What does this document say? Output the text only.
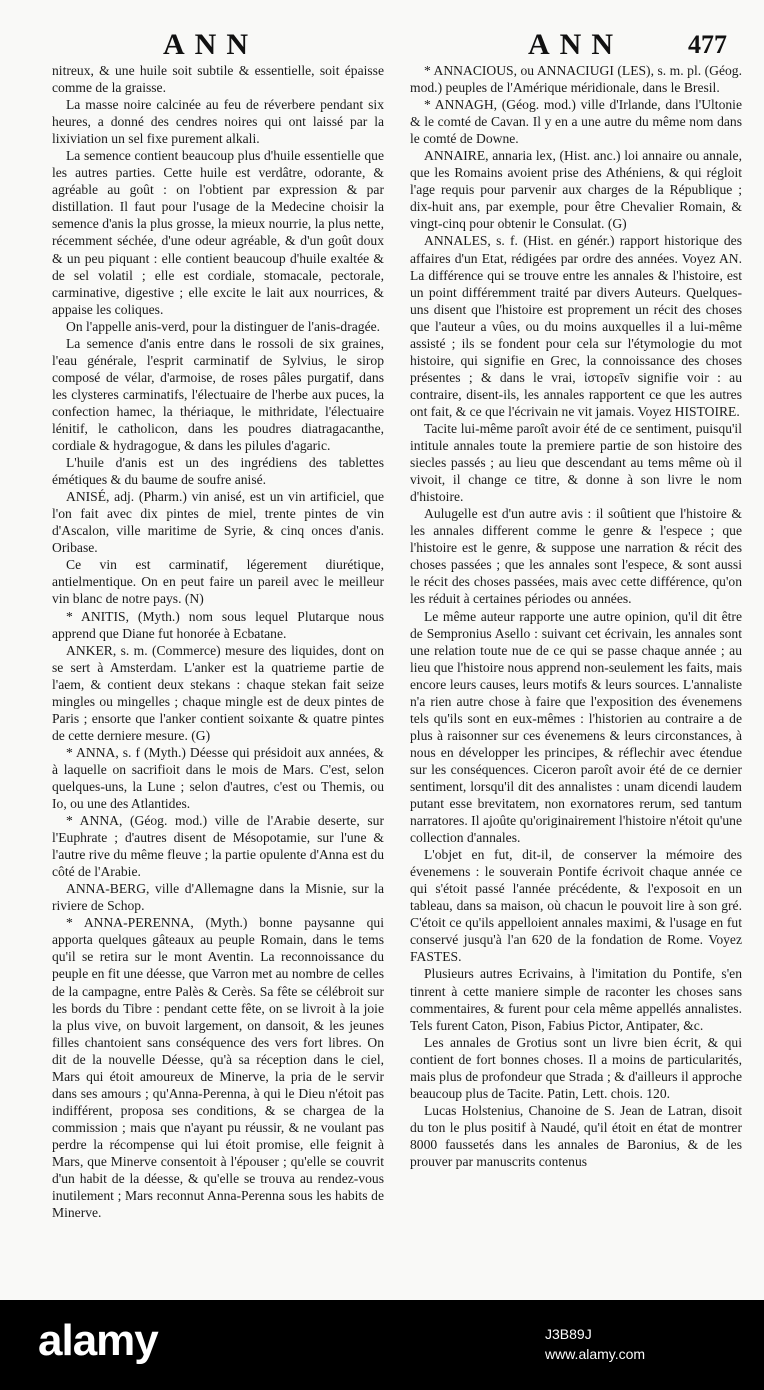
ANN	ANN	477

nitreux, & une huile soit subtile & essentielle, soit épaisse comme de la graisse.

La masse noire calcinée au feu de réverbere pendant six heures, a donné des cendres noires qui ont laissé par la lixiviation un sel fixe purement alkali.

La semence contient beaucoup plus d'huile essentielle que les autres parties. Cette huile est verdâtre, odorante, & agréable au goût : on l'obtient par expression & par distillation. Il faut pour l'usage de la Medecine choisir la semence d'anis la plus grosse, la mieux nourrie, la plus nette, récemment séchée, d'une odeur agréable, & d'un goût doux & un peu piquant : elle contient beaucoup d'huile exaltée & de sel volatil ; elle est cordiale, stomacale, pectorale, carminative, digestive ; elle excite le lait aux nourrices, & appaise les coliques.

On l'appelle anis-verd, pour la distinguer de l'anis-dragée.

La semence d'anis entre dans le rossoli de six graines, l'eau générale, l'esprit carminatif de Sylvius, le sirop composé de vélar, d'armoise, de roses pâles purgatif, dans les clysteres carminatifs, l'électuaire de l'herbe aux puces, la confection hamec, la thériaque, le mithridate, l'électuaire lénitif, le catholicon, dans les poudres diatragacanthe, cordiale & hydragogue, & dans les pilules d'agaric.

L'huile d'anis est un des ingrédiens des tablettes émétiques & du baume de soufre anisé.

ANISÉ, adj. (Pharm.) vin anisé, est un vin artificiel, que l'on fait avec dix pintes de miel, trente pintes de vin d'Ascalon, ville maritime de Syrie, & cinq onces d'anis. Oribase.

Ce vin est carminatif, légerement diurétique, antielmentique. On en peut faire un pareil avec le meilleur vin blanc de notre pays. (N)

* ANITIS, (Myth.) nom sous lequel Plutarque nous apprend que Diane fut honorée à Ecbatane.

ANKER, s. m. (Commerce) mesure des liquides, dont on se sert à Amsterdam. L'anker est la quatrieme partie de l'aem, & contient deux stekans : chaque stekan fait seize mingles ou mingelles ; chaque mingle est de deux pintes de Paris ; ensorte que l'anker contient soixante & quatre pintes de cette derniere mesure. (G)

* ANNA, s. f (Myth.) Déesse qui présidoit aux années, & à laquelle on sacrifioit dans le mois de Mars. C'est, selon quelques-uns, la Lune ; selon d'autres, c'est ou Themis, ou Io, ou une des Atlantides.

* ANNA, (Géog. mod.) ville de l'Arabie deserte, sur l'Euphrate ; d'autres disent de Mésopotamie, sur l'une & l'autre rive du même fleuve ; la partie opulente d'Anna est du côté de l'Arabie.

ANNA-BERG, ville d'Allemagne dans la Misnie, sur la riviere de Schop.

* ANNA-PERENNA, (Myth.) bonne paysanne qui apporta quelques gâteaux au peuple Romain, dans le tems qu'il se retira sur le mont Aventin. La reconnoissance du peuple en fit une déesse, que Varron met au nombre de celles de la campagne, entre Palès & Cerès. Sa fête se célébroit sur les bords du Tibre : pendant cette fête, on se livroit à la joie la plus vive, on buvoit largement, on dansoit, & les jeunes filles chantoient sans conséquence des vers fort libres. On dit de la nouvelle Déesse, qu'à sa réception dans le ciel, Mars qui étoit amoureux de Minerve, la pria de le servir dans ses amours ; qu'Anna-Perenna, à qui le Dieu n'étoit pas indifférent, proposa ses conditions, & se chargea de la commission ; mais que n'ayant pu réussir, & ne voulant pas perdre la récompense qui lui étoit promise, elle feignit à Mars, que Minerve consentoit à l'épouser ; qu'elle se couvrit d'un habit de la déesse, & qu'elle se trouva au rendez-vous inutilement ; Mars reconnut Anna-Perenna sous les habits de Minerve.

* ANNACIOUS, ou ANNACIUGI (LES), s. m. pl. (Géog. mod.) peuples de l'Amérique méridionale, dans le Bresil.

* ANNAGH, (Géog. mod.) ville d'Irlande, dans l'Ultonie & le comté de Cavan. Il y en a une autre du même nom dans le comté de Downe.

ANNAIRE, annaria lex, (Hist. anc.) loi annaire ou annale, que les Romains avoient prise des Athéniens, & qui régloit l'age requis pour parvenir aux charges de la République ; dix-huit ans, par exemple, pour être Chevalier Romain, & vingt-cinq pour obtenir le Consulat. (G)

ANNALES, s. f. (Hist. en génér.) rapport historique des affaires d'un Etat, rédigées par ordre des années. Voyez AN. La différence qui se trouve entre les annales & l'histoire, est un point différemment traité par divers Auteurs. Quelques-uns disent que l'histoire est proprement un récit des choses que l'auteur a vûes, ou du moins auxquelles il a lui-même assisté ; ils se fondent pour cela sur l'étymologie du mot histoire, qui signifie en Grec, la connoissance des choses présentes ; & dans le vrai, ἱστορεῖν signifie voir : au contraire, disent-ils, les annales rapportent ce que les autres ont fait, & ce que l'écrivain ne vit jamais. Voyez HISTOIRE.

Tacite lui-même paroît avoir été de ce sentiment, puisqu'il intitule annales toute la premiere partie de son histoire des siecles passés ; au lieu que descendant au tems même où il vivoit, il change ce titre, & donne à son livre le nom d'histoire.

Aulugelle est d'un autre avis : il soûtient que l'histoire & les annales different comme le genre & l'espece ; que l'histoire est le genre, & suppose une narration & récit des choses passées ; que les annales sont l'espece, & sont aussi le récit des choses passées, mais avec cette différence, qu'on les réduit à certaines périodes ou années.

Le même auteur rapporte une autre opinion, qu'il dit être de Sempronius Asello : suivant cet écrivain, les annales sont une relation toute nue de ce qui se passe chaque année ; au lieu que l'histoire nous apprend non-seulement les faits, mais encore leurs causes, leurs motifs & leurs sources. L'annaliste n'a rien autre chose à faire que l'exposition des évenemens tels qu'ils sont en eux-mêmes : l'historien au contraire a de plus à raisonner sur ces évenemens & leurs circonstances, à nous en développer les principes, & réflechir avec étendue sur les conséquences. Ciceron paroît avoir été de ce dernier sentiment, lorsqu'il dit des annalistes : unam dicendi laudem putant esse brevitatem, non exornatores rerum, sed tantum narratores. Il ajoûte qu'originairement l'histoire n'étoit qu'une collection d'annales.

L'objet en fut, dit-il, de conserver la mémoire des évenemens : le souverain Pontife écrivoit chaque année ce qui s'étoit passé l'année précédente, & l'exposoit en un tableau, dans sa maison, où chacun le pouvoit lire à son gré. C'étoit ce qu'ils appelloient annales maximi, & l'usage en fut conservé jusqu'à l'an 620 de la fondation de Rome. Voyez FASTES.

Plusieurs autres Ecrivains, à l'imitation du Pontife, s'en tinrent à cette maniere simple de raconter les choses sans commentaires, & furent pour cela même appellés annalistes. Tels furent Caton, Pison, Fabius Pictor, Antipater, &c.

Les annales de Grotius sont un livre bien écrit, & qui contient de fort bonnes choses. Il a moins de particularités, mais plus de profondeur que Strada ; & d'ailleurs il approche beaucoup plus de Tacite. Patin, Lett. chois. 120.

Lucas Holstenius, Chanoine de S. Jean de Latran, disoit du ton le plus positif à Naudé, qu'il étoit en état de montrer 8000 faussetés dans les annales de Baronius, & de les prouver par manuscrits contenus

alamy	J3B89J
www.alamy.com
